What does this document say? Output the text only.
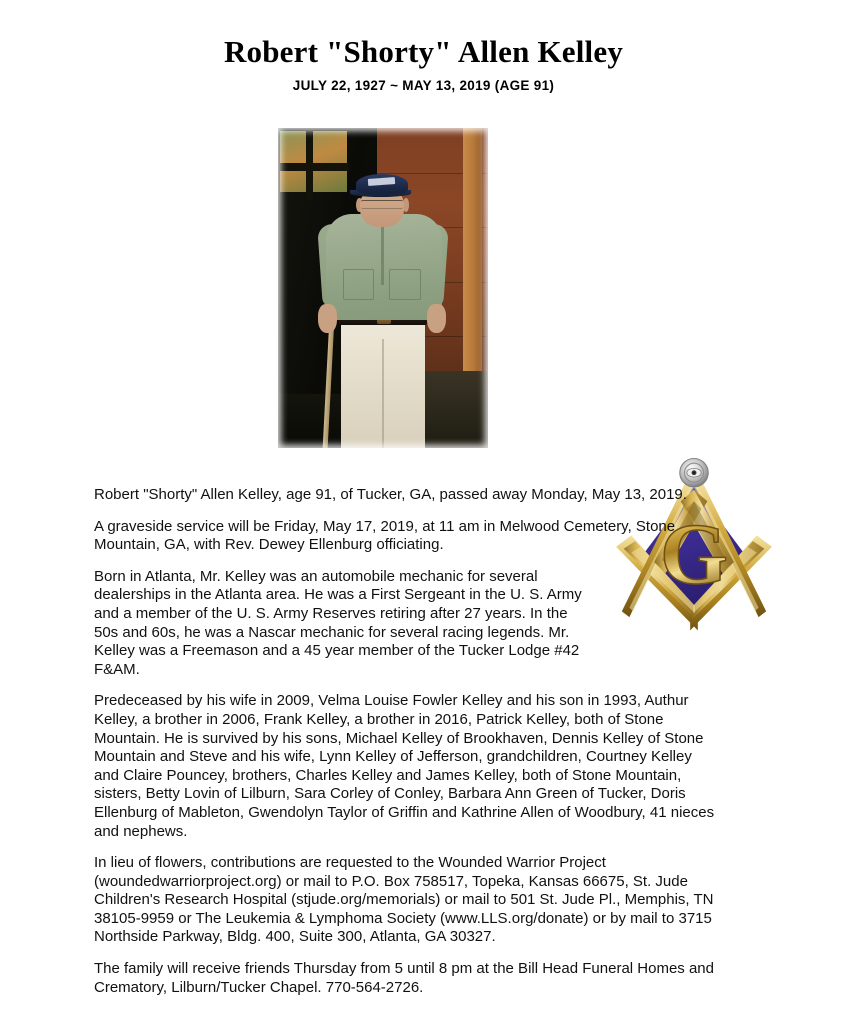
Robert "Shorty" Allen Kelley
JULY 22, 1927 ~ MAY 13, 2019 (AGE 91)
G

Robert "Shorty" Allen Kelley, age 91, of Tucker, GA, passed away Monday, May 13, 2019.

A graveside service will be Friday, May 17, 2019, at 11 am in Melwood Cemetery, Stone Mountain, GA, with Rev. Dewey Ellenburg officiating.

Born in Atlanta, Mr. Kelley was an automobile mechanic for several dealerships in the Atlanta area. He was a First Sergeant in the U. S. Army and a member of the U. S. Army Reserves retiring after 27 years. In the 50s and 60s, he was a Nascar mechanic for several racing legends. Mr. Kelley was a Freemason and a 45 year member of the Tucker Lodge #42 F&AM.

Predeceased by his wife in 2009, Velma Louise Fowler Kelley and his son in 1993, Authur Kelley, a brother in 2006, Frank Kelley, a brother in 2016, Patrick Kelley, both of Stone Mountain. He is survived by his sons, Michael Kelley of Brookhaven, Dennis Kelley of Stone Mountain and Steve and his wife, Lynn Kelley of Jefferson, grandchildren, Courtney Kelley and Claire Pouncey, brothers, Charles Kelley and James Kelley, both of Stone Mountain, sisters, Betty Lovin of Lilburn, Sara Corley of Conley, Barbara Ann Green of Tucker, Doris Ellenburg of Mableton, Gwendolyn Taylor of Griffin and Kathrine Allen of Woodbury, 41 nieces and nephews.

In lieu of flowers, contributions are requested to the Wounded Warrior Project (woundedwarriorproject.org) or mail to P.O. Box 758517, Topeka, Kansas 66675, St. Jude Children's Research Hospital (stjude.org/memorials) or mail to 501 St. Jude Pl., Memphis, TN 38105-9959 or The Leukemia & Lymphoma Society (www.LLS.org/donate) or by mail to 3715 Northside Parkway, Bldg. 400, Suite 300, Atlanta, GA 30327.

The family will receive friends Thursday from 5 until 8 pm at the Bill Head Funeral Homes and Crematory, Lilburn/Tucker Chapel. 770-564-2726.
